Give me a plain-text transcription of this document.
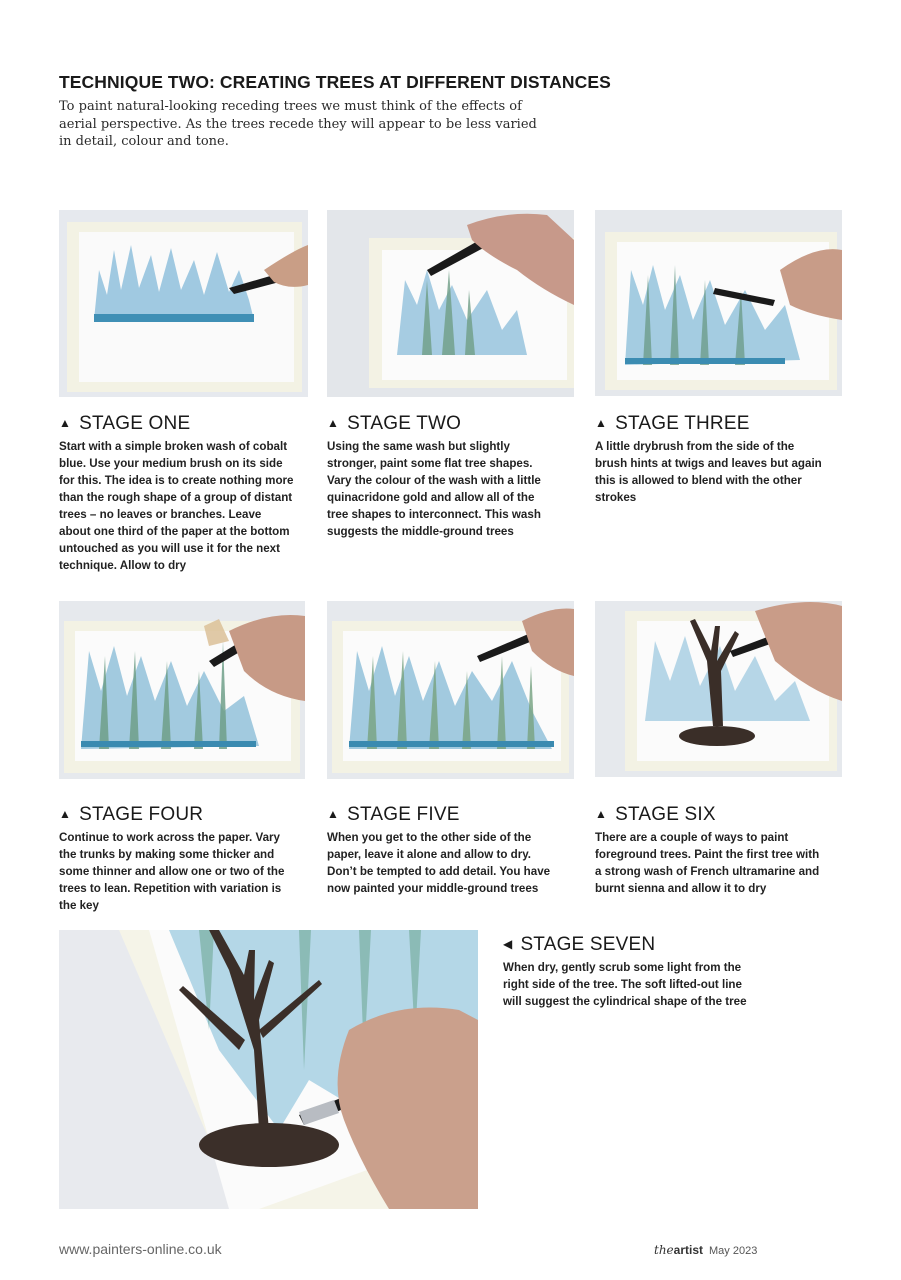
TECHNIQUE TWO: CREATING TREES AT DIFFERENT DISTANCES

To paint natural-looking receding trees we must think of the effects of aerial perspective. As the trees recede they will appear to be less varied in detail, colour and tone.

▲ STAGE ONE

Start with a simple broken wash of cobalt blue. Use your medium brush on its side for this. The idea is to create nothing more than the rough shape of a group of distant trees – no leaves or branches. Leave about one third of the paper at the bottom untouched as you will use it for the next technique. Allow to dry

▲ STAGE TWO

Using the same wash but slightly stronger, paint some flat tree shapes. Vary the colour of the wash with a little quinacridone gold and allow all of the tree shapes to interconnect. This wash suggests the middle-ground trees

▲ STAGE THREE

A little drybrush from the side of the brush hints at twigs and leaves but again this is allowed to blend with the other strokes

▲ STAGE FOUR

Continue to work across the paper. Vary the trunks by making some thicker and some thinner and allow one or two of the trees to lean. Repetition with variation is the key

▲ STAGE FIVE

When you get to the other side of the paper, leave it alone and allow to dry. Don’t be tempted to add detail. You have now painted your middle-ground trees

▲ STAGE SIX

There are a couple of ways to paint foreground trees. Paint the first tree with a strong wash of French ultramarine and burnt sienna and allow it to dry

◀ STAGE SEVEN

When dry, gently scrub some light from the right side of the tree. The soft lifted-out line will suggest the cylindrical shape of the tree

www.painters-online.co.uk	theartist May 2023
